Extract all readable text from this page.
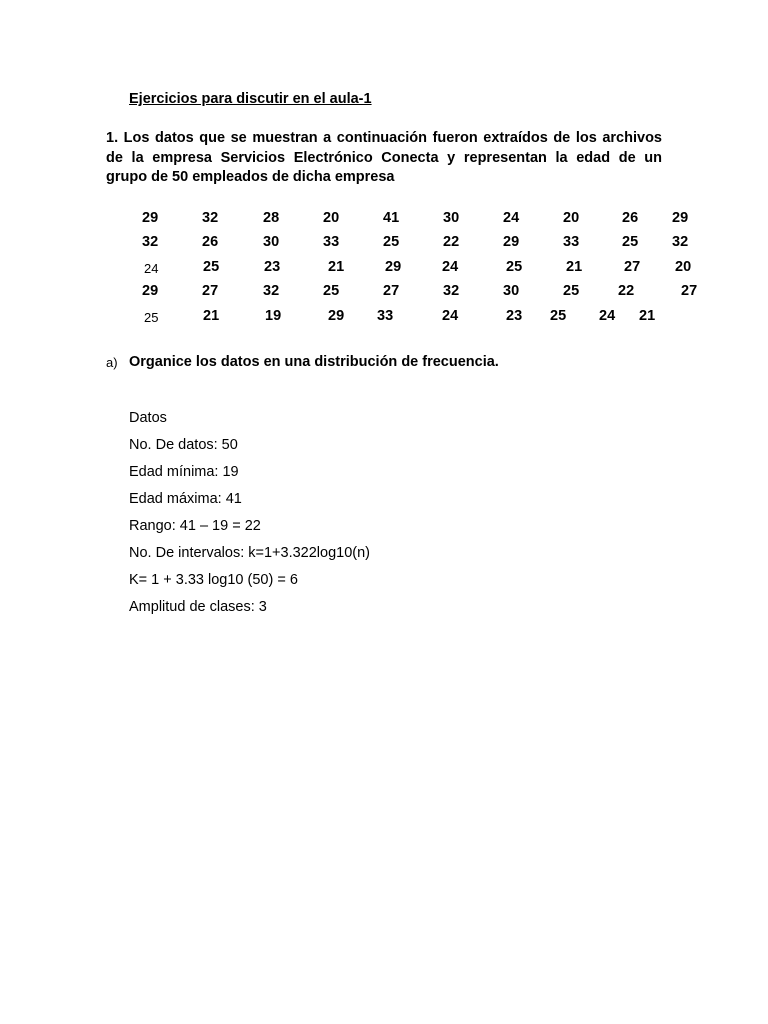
Ejercicios para discutir en el aula-1
1. Los datos que se muestran a continuación fueron extraídos de los archivos
de la empresa Servicios Electrónico Conecta y representan la edad de un
grupo de 50 empleados de dicha empresa
29	32	28	20	41	30	24	20	26 29
32	26	30	33	25	22	29	33	25 32
24	25	23	21	29	24	25	21	27 20
29	27	32	25	27	32	30	25	22	27
25	21	19	29 33	24	23 25 24 21
a) Organice los datos en una distribución de frecuencia.
Datos
No. De datos: 50
Edad mínima: 19
Edad máxima: 41
Rango: 41 – 19 = 22
No. De intervalos: k=1+3.322log10(n)
K= 1 + 3.33 log10 (50) = 6
Amplitud de clases: 3
